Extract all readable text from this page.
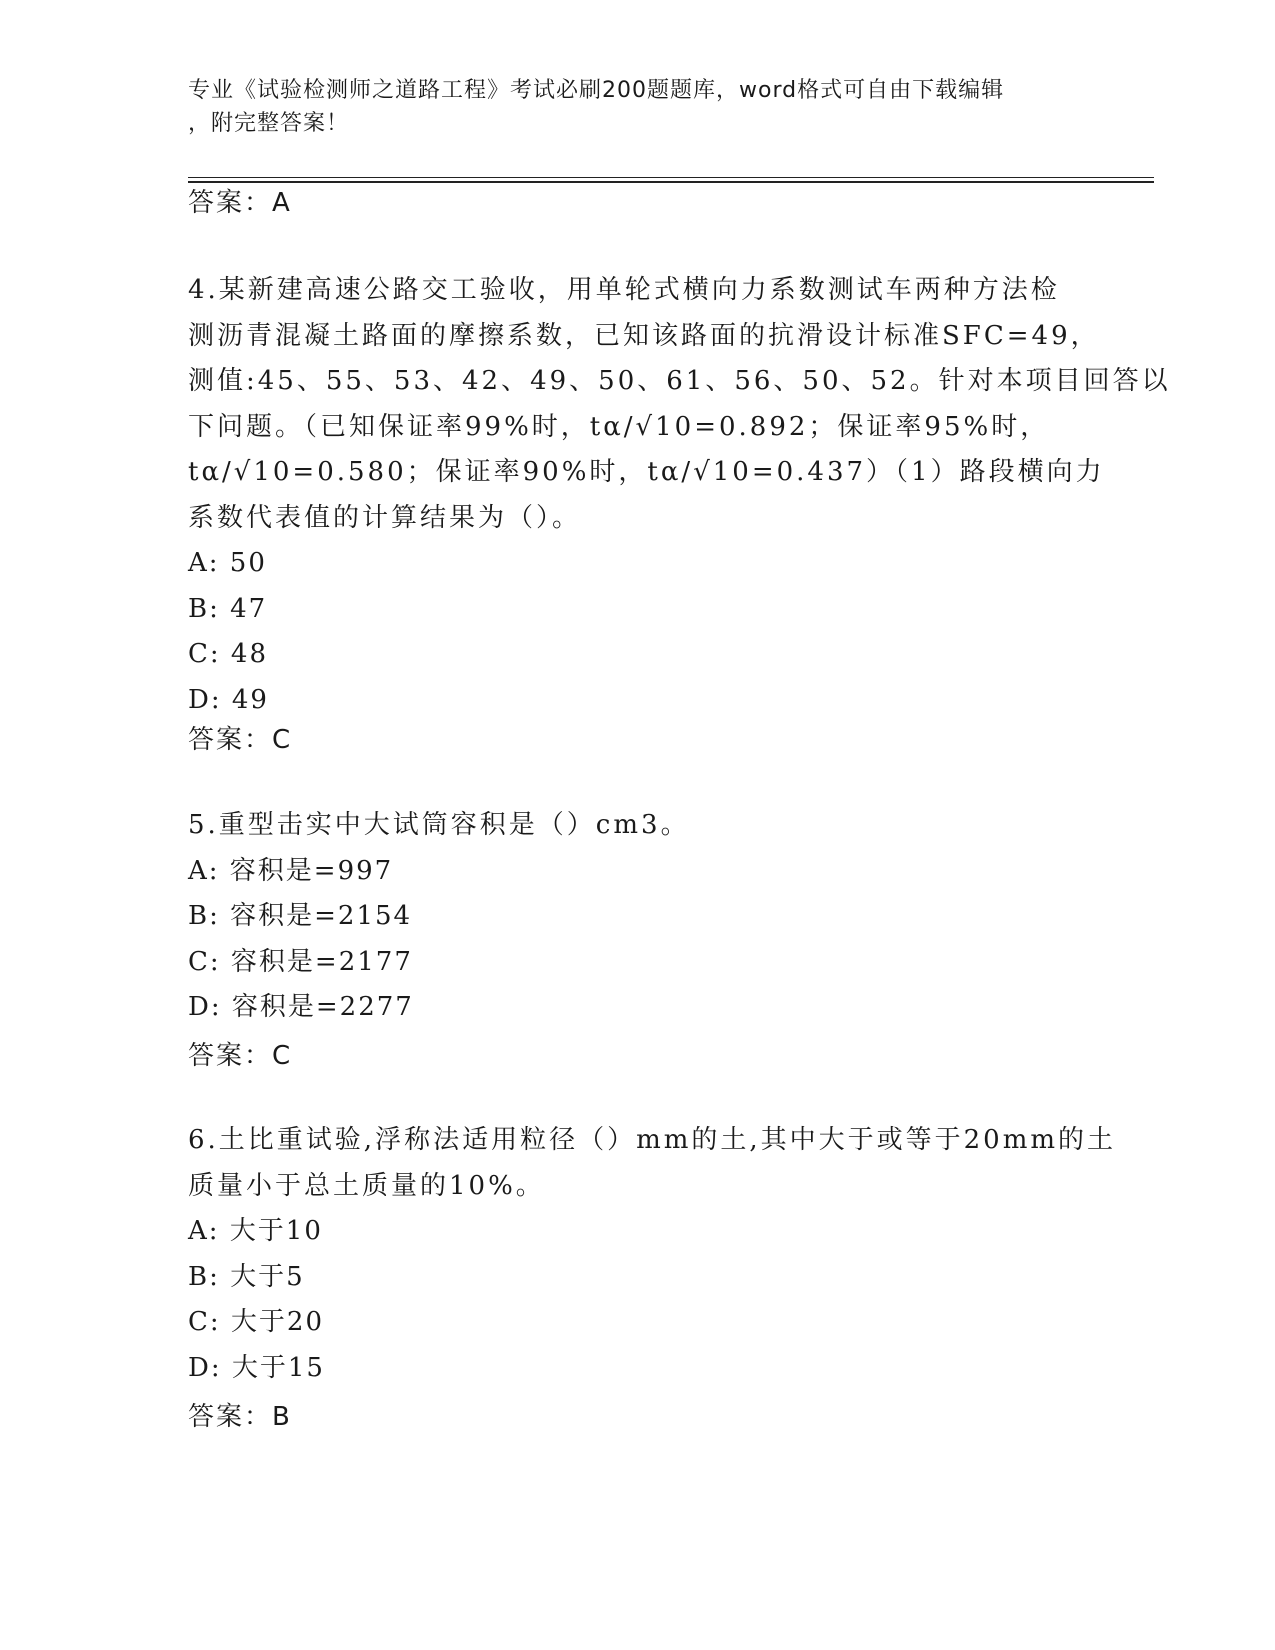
专业《试验检测师之道路工程》考试必刷200题题库，word格式可自由下载编辑
，附完整答案！
答案：A
4.某新建高速公路交工验收，用单轮式横向力系数测试车两种方法检
测沥青混凝土路面的摩擦系数，已知该路面的抗滑设计标准SFC=49，
测值:45、55、53、42、49、50、61、56、50、52。针对本项目回答以
下问题。（已知保证率99%时，tα/√10=0.892；保证率95%时，
tα/√10=0.580；保证率90%时，tα/√10=0.437）（1）路段横向力
系数代表值的计算结果为（）。
A: 50
B: 47
C: 48
D: 49
答案：C
5.重型击实中大试筒容积是（）cm3。
A: 容积是=997
B: 容积是=2154
C: 容积是=2177
D: 容积是=2277
答案：C
6.土比重试验,浮称法适用粒径（）mm的土,其中大于或等于20mm的土
质量小于总土质量的10%。
A: 大于10
B: 大于5
C: 大于20
D: 大于15
答案：B
